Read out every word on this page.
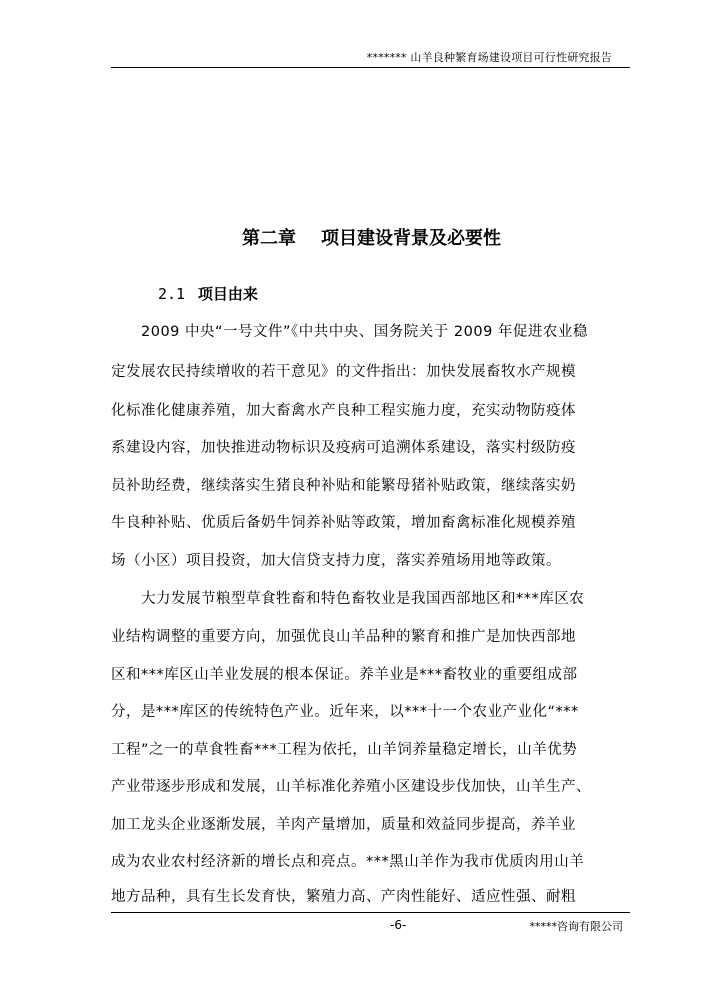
******* 山羊良种繁育场建设项目可行性研究报告
第二章    项目建设背景及必要性
2.1 项目由来
2009 中央“一号文件”《中共中央、国务院关于 2009 年促进农业稳
定发展农民持续增收的若干意见》的文件指出：加快发展畜牧水产规模
化标准化健康养殖，加大畜禽水产良种工程实施力度，充实动物防疫体
系建设内容，加快推进动物标识及疫病可追溯体系建设，落实村级防疫
员补助经费，继续落实生猪良种补贴和能繁母猪补贴政策，继续落实奶
牛良种补贴、优质后备奶牛饲养补贴等政策，增加畜禽标准化规模养殖
场（小区）项目投资，加大信贷支持力度，落实养殖场用地等政策。
大力发展节粮型草食牲畜和特色畜牧业是我国西部地区和***库区农
业结构调整的重要方向，加强优良山羊品种的繁育和推广是加快西部地
区和***库区山羊业发展的根本保证。养羊业是***畜牧业的重要组成部
分，是***库区的传统特色产业。近年来，以***十一个农业产业化“***
工程”之一的草食牲畜***工程为依托，山羊饲养量稳定增长，山羊优势
产业带逐步形成和发展，山羊标准化养殖小区建设步伐加快，山羊生产、
加工龙头企业逐渐发展，羊肉产量增加，质量和效益同步提高，养羊业
成为农业农村经济新的增长点和亮点。***黑山羊作为我市优质肉用山羊
地方品种，具有生长发育快，繁殖力高、产肉性能好、适应性强、耐粗
-6-	*****咨询有限公司
